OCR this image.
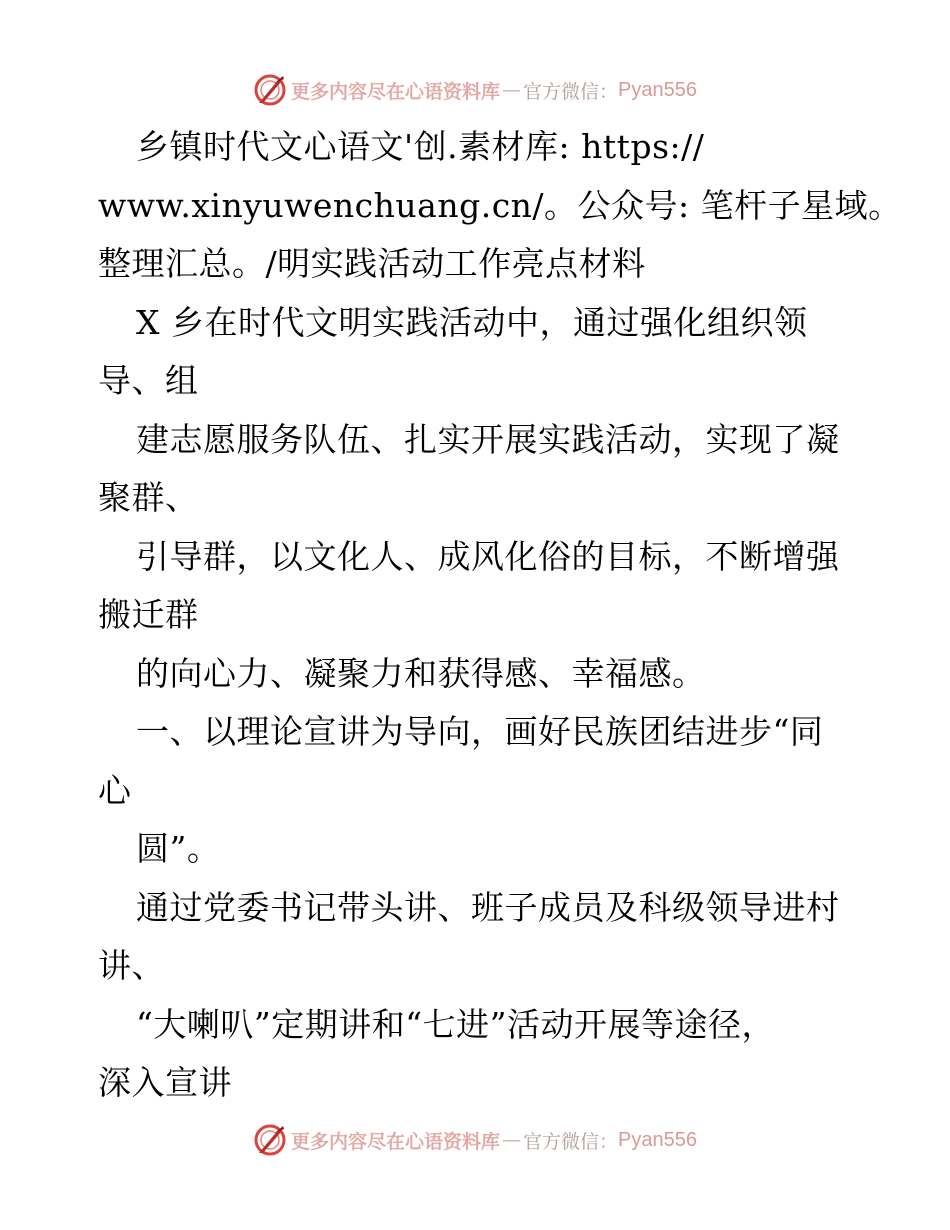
更多内容尽在心语资料库 — 官方微信： Pyan556
乡镇时代文心语文'创.素材库: https://
www.xinyuwenchuang.cn/。公众号: 笔杆子星域。
整理汇总。/明实践活动工作亮点材料
X 乡在时代文明实践活动中，通过强化组织领
导、组
建志愿服务队伍、扎实开展实践活动，实现了凝
聚群、
引导群，以文化人、成风化俗的目标，不断增强
搬迁群
的向心力、凝聚力和获得感、幸福感。
一、以理论宣讲为导向，画好民族团结进步“同
心
圆”。
通过党委书记带头讲、班子成员及科级领导进村
讲、
“大喇叭”定期讲和“七进”活动开展等途径，
深入宣讲
更多内容尽在心语资料库 — 官方微信： Pyan556
